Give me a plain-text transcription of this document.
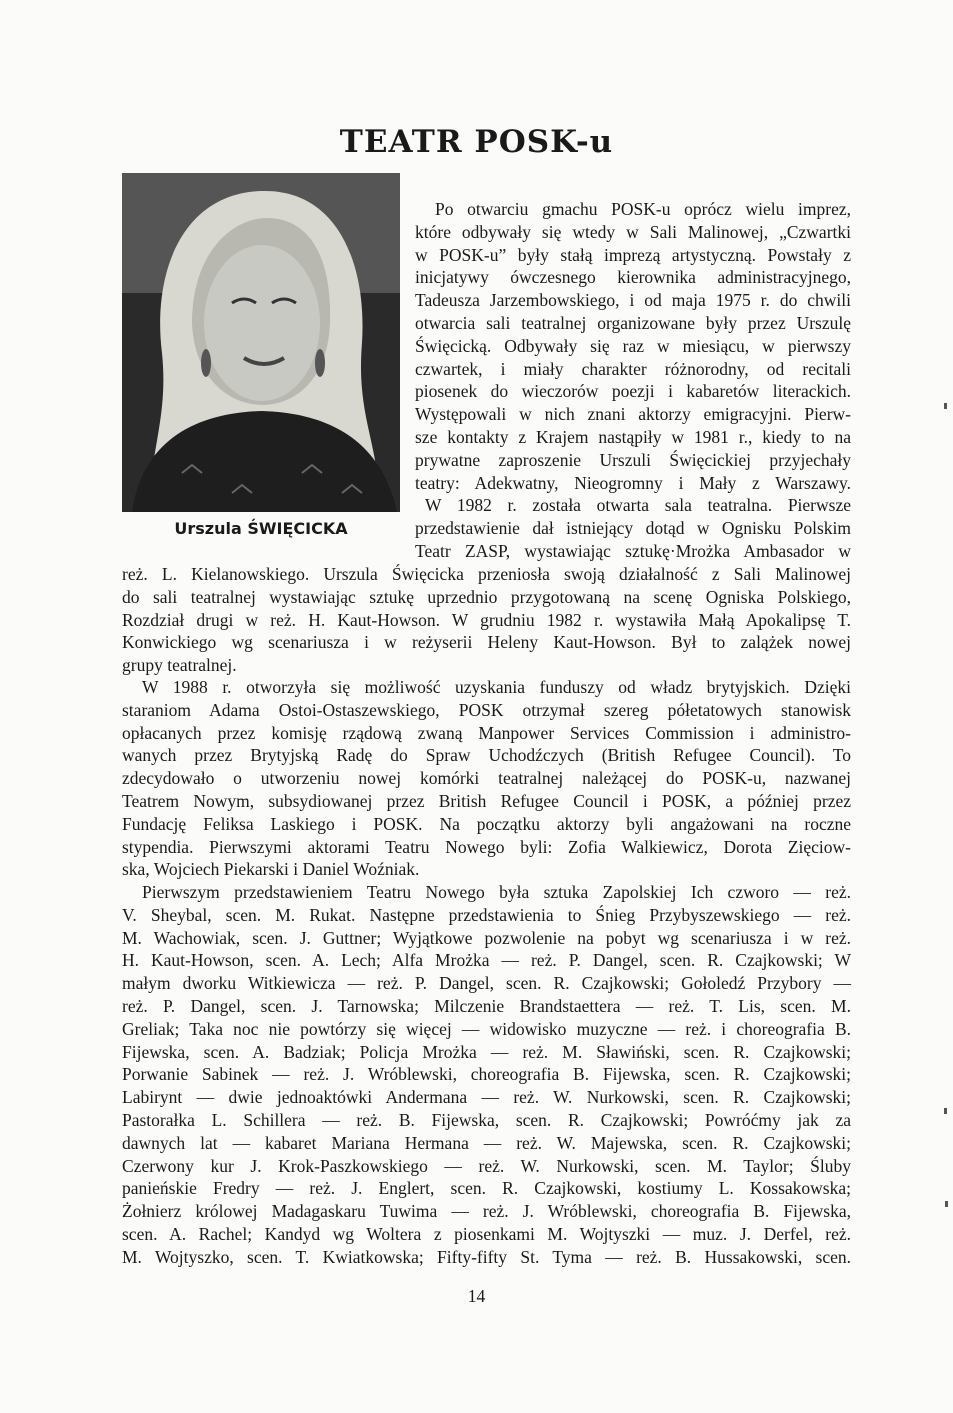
TEATR POSK-u
Urszula ŚWIĘCICKA
Po otwarciu gmachu POSK-u oprócz wielu imprez,
które odbywały się wtedy w Sali Malinowej, „Czwartki
w POSK-u” były stałą imprezą artystyczną. Powstały z
inicjatywy ówczesnego kierownika administracyjnego,
Tadeusza Jarzembowskiego, i od maja 1975 r. do chwili
otwarcia sali teatralnej organizowane były przez Urszulę
Święcicką. Odbywały się raz w miesiącu, w pierwszy
czwartek, i miały charakter różnorodny, od recitali
piosenek do wieczorów poezji i kabaretów literackich.
Występowali w nich znani aktorzy emigracyjni. Pierw-
sze kontakty z Krajem nastąpiły w 1981 r., kiedy to na
prywatne zaproszenie Urszuli Święcickiej przyjechały
teatry: Adekwatny, Nieogromny i Mały z Warszawy.
W 1982 r. została otwarta sala teatralna. Pierwsze
przedstawienie dał istniejący dotąd w Ognisku Polskim
Teatr ZASP, wystawiając sztukę·Mrożka Ambasador w
reż. L. Kielanowskiego. Urszula Święcicka przeniosła swoją działalność z Sali Malinowej
do sali teatralnej wystawiając sztukę uprzednio przygotowaną na scenę Ogniska Polskiego,
Rozdział drugi w reż. H. Kaut-Howson. W grudniu 1982 r. wystawiła Małą Apokalipsę T.
Konwickiego wg scenariusza i w reżyserii Heleny Kaut-Howson. Był to zalążek nowej
grupy teatralnej.
W 1988 r. otworzyła się możliwość uzyskania funduszy od władz brytyjskich. Dzięki
staraniom Adama Ostoi-Ostaszewskiego, POSK otrzymał szereg półetatowych stanowisk
opłacanych przez komisję rządową zwaną Manpower Services Commission i administro-
wanych przez Brytyjską Radę do Spraw Uchodźczych (British Refugee Council). To
zdecydowało o utworzeniu nowej komórki teatralnej należącej do POSK-u, nazwanej
Teatrem Nowym, subsydiowanej przez British Refugee Council i POSK, a później przez
Fundację Feliksa Laskiego i POSK. Na początku aktorzy byli angażowani na roczne
stypendia. Pierwszymi aktorami Teatru Nowego byli: Zofia Walkiewicz, Dorota Zięciow-
ska, Wojciech Piekarski i Daniel Woźniak.
Pierwszym przedstawieniem Teatru Nowego była sztuka Zapolskiej Ich czworo — reż.
V. Sheybal, scen. M. Rukat. Następne przedstawienia to Śnieg Przybyszewskiego — reż.
M. Wachowiak, scen. J. Guttner; Wyjątkowe pozwolenie na pobyt wg scenariusza i w reż.
H. Kaut-Howson, scen. A. Lech; Alfa Mrożka — reż. P. Dangel, scen. R. Czajkowski; W
małym dworku Witkiewicza — reż. P. Dangel, scen. R. Czajkowski; Gołoledź Przybory —
reż. P. Dangel, scen. J. Tarnowska; Milczenie Brandstaettera — reż. T. Lis, scen. M.
Greliak; Taka noc nie powtórzy się więcej — widowisko muzyczne — reż. i choreografia B.
Fijewska, scen. A. Badziak; Policja Mrożka — reż. M. Sławiński, scen. R. Czajkowski;
Porwanie Sabinek — reż. J. Wróblewski, choreografia B. Fijewska, scen. R. Czajkowski;
Labirynt — dwie jednoaktówki Andermana — reż. W. Nurkowski, scen. R. Czajkowski;
Pastorałka L. Schillera — reż. B. Fijewska, scen. R. Czajkowski; Powróćmy jak za
dawnych lat — kabaret Mariana Hermana — reż. W. Majewska, scen. R. Czajkowski;
Czerwony kur J. Krok-Paszkowskiego — reż. W. Nurkowski, scen. M. Taylor; Śluby
panieńskie Fredry — reż. J. Englert, scen. R. Czajkowski, kostiumy L. Kossakowska;
Żołnierz królowej Madagaskaru Tuwima — reż. J. Wróblewski, choreografia B. Fijewska,
scen. A. Rachel; Kandyd wg Woltera z piosenkami M. Wojtyszki — muz. J. Derfel, reż.
M. Wojtyszko, scen. T. Kwiatkowska; Fifty-fifty St. Tyma — reż. B. Hussakowski, scen.
14
